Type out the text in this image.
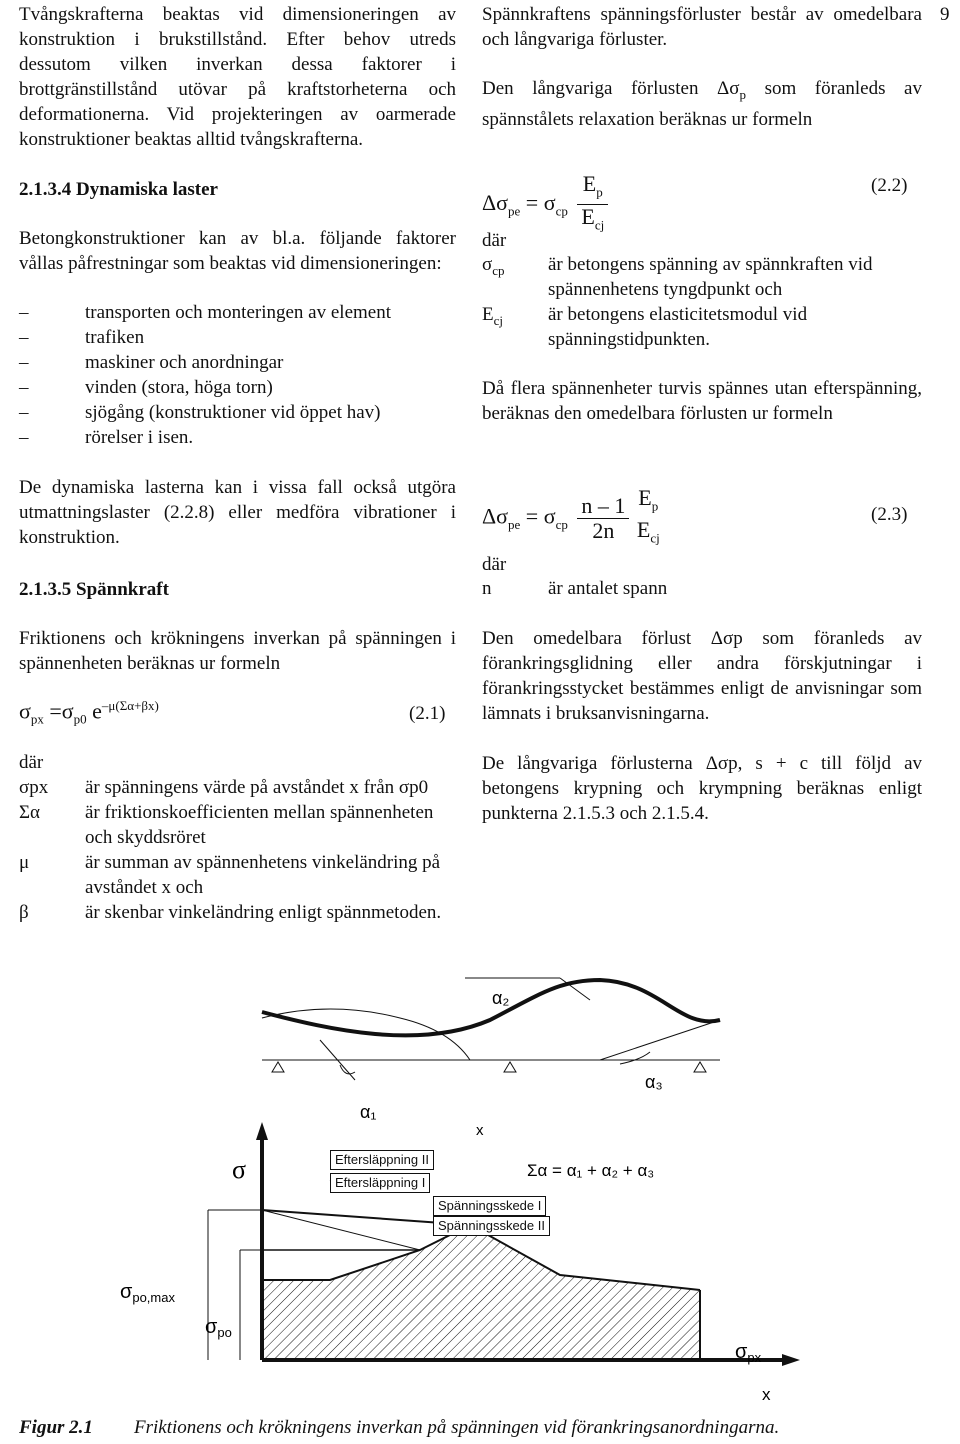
9

Tvångskrafterna beaktas vid dimensioneringen av konstruktion i brukstillstånd. Efter behov utreds dessutom vilken inverkan dessa faktorer i brottgränstillstånd utövar på kraftstorheterna och deformationerna. Vid projekteringen av oarmerade konstruktioner beaktas alltid tvångskrafterna.

2.1.3.4 Dynamiska laster

Betongkonstruktioner kan av bl.a. följande faktorer vållas påfrestningar som beaktas vid dimensioneringen:

– transporten och monteringen av element
– trafiken
– maskiner och anordningar
– vinden (stora, höga torn)
– sjögång (konstruktioner vid öppet hav)
– rörelser i isen.

De dynamiska lasterna kan i vissa fall också utgöra utmattningslaster (2.2.8) eller medföra vibrationer i konstruktion.

2.1.3.5 Spännkraft

Friktionens och krökningens inverkan på spänningen i spännenheten beräknas ur formeln

$\sigma_{px} =\sigma_{p0}$ $e^{-\mu(\Sigma\alpha+\beta x)}$	(2.1)
där
σpx är spänningens värde på avståndet x från σp0
Σα är friktionskoefficienten mellan spännenheten och skyddsröret
μ	är summan av spännenhetens vinkeländring på avståndet x och
β	är skenbar vinkeländring enligt spännmetoden.

Spännkraftens spänningsförluster består av omedelbara och långvariga förluster.

Den långvariga förlusten $\Delta\sigma_p$ som föranleds av spännstålets relaxation beräknas ur formeln

$\Delta\sigma_{pe} = \sigma_{cp}$
$E_p$
$E_{cj}$
(2.2)
där
$\sigma_{cp}$ är betongens spänning av spännkraften vid spännenhetens tyngdpunkt och
$E_{cj}$ är betongens elasticitetsmodul vid spänningstidpunkten.

Då flera spännenheter turvis spännes utan efterspänning, beräknas den omedelbara förlusten ur formeln

$\Delta\sigma_{pe} = \sigma_{cp} \frac{n - 1}{2n}$
$E_p$
$E_{cj}$
(2.3)
där
n	är antalet spann

Den omedelbara förlust Δσp som föranleds av förankringsglidning eller andra förskjutningar i förankringsstycket bestämmes enligt de anvisningar som lämnats i bruksanvisningarna.

De långvariga förlusterna Δσp, s + c till följd av betongens krypning och krympning beräknas enligt punkterna 2.1.5.3 och 2.1.5.4.

α₂
α₁
α₃
x
Σα = α₁ + α₂ + α₃
σ
$\sigma_{po,max}$
$\sigma_{po}$
$\sigma_{px}$
x
Eftersläppning II
Eftersläppning I
Spänningsskede I
Spänningsskede II
Figur 2.1 Friktionens och krökningens inverkan på spänningen vid förankringsanordningarna.
